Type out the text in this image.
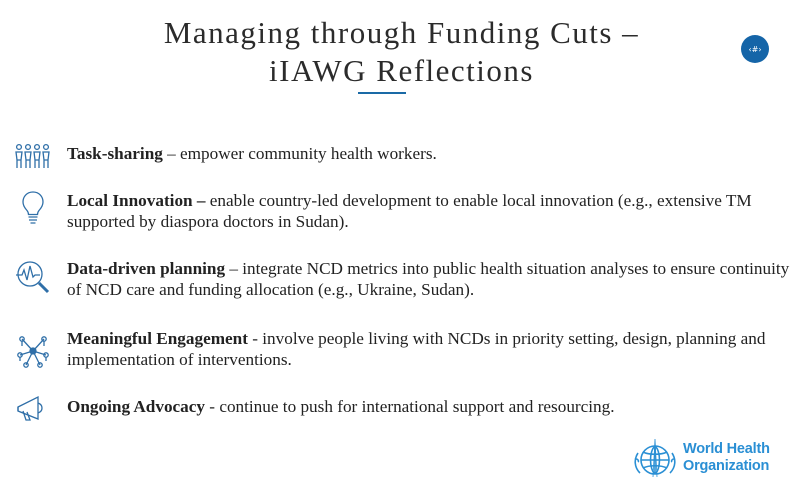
Managing through Funding Cuts –
iIAWG Reflections
‹#›
Task-sharing – empower community health workers.
Local Innovation – enable country-led development to enable local innovation (e.g., extensive TM supported by diaspora doctors in Sudan).
Data-driven planning – integrate NCD metrics into public health situation analyses to ensure continuity of NCD care and funding allocation (e.g., Ukraine, Sudan).
Meaningful Engagement - involve people living with NCDs in priority setting, design, planning and implementation of interventions.
Ongoing Advocacy - continue to push for international support and resourcing.
World Health
Organization
